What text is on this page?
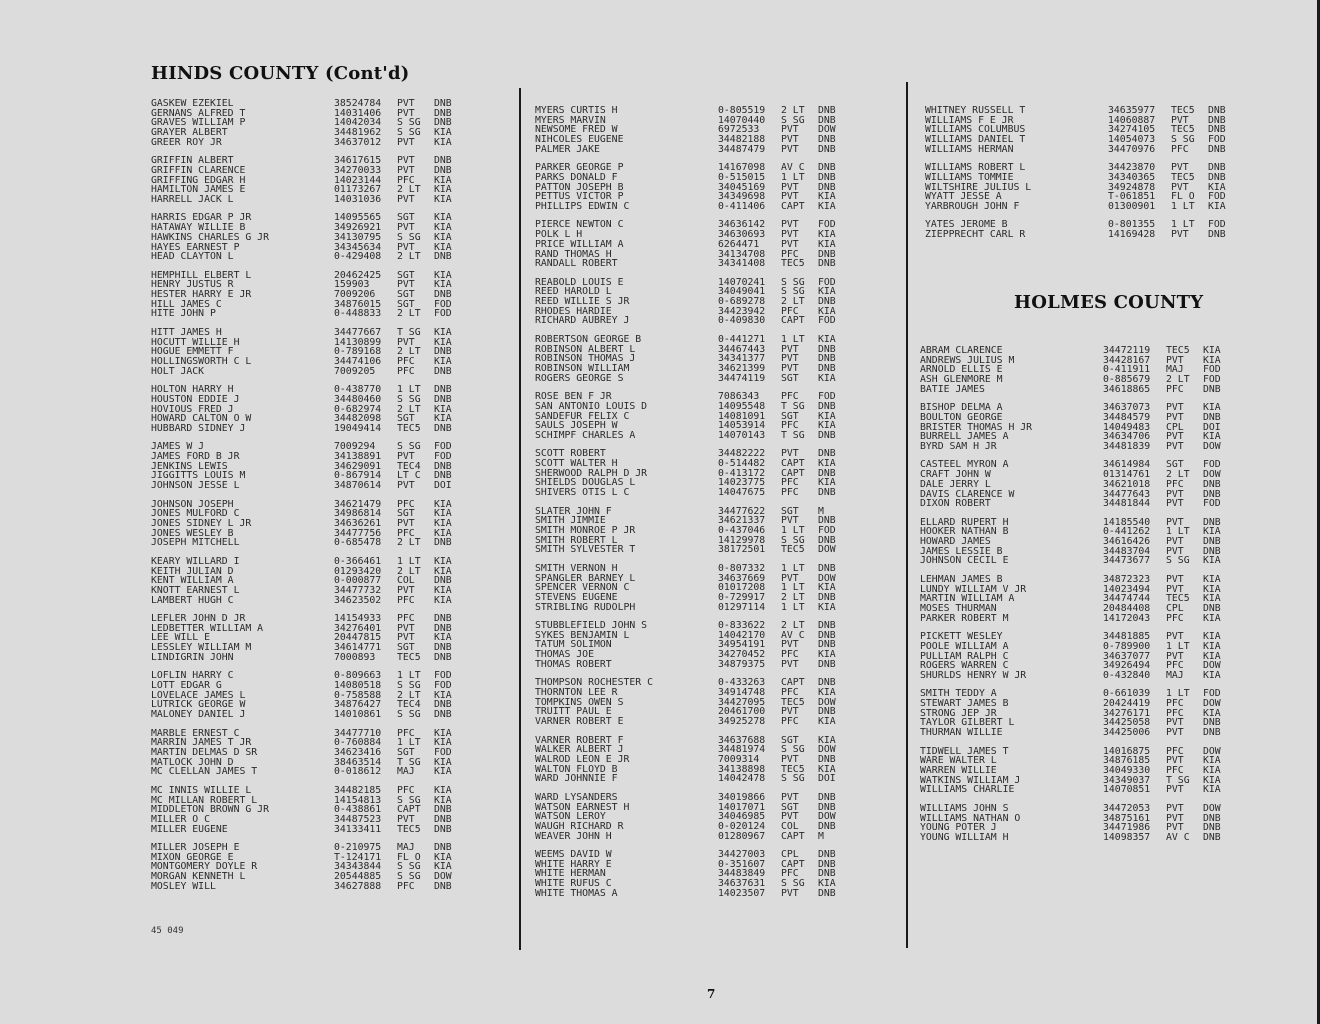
HINDS COUNTY (Cont'd)
HOLMES COUNTY
GASKEW EZEKIEL	38524784 PVT DNB
GERNANS ALFRED T	14031406 PVT DNB
GRAVES WILLIAM P	14042034 S SG DNB
GRAYER ALBERT	34481962 S SG KIA
GREER ROY JR	34637012 PVT KIA
GRIFFIN ALBERT	34617615 PVT DNB
GRIFFIN CLARENCE	34270033 PVT DNB
GRIFFING EDGAR H	14023144 PFC KIA
HAMILTON JAMES E	01173267 2 LT KIA
HARRELL JACK L	14031036 PVT KIA
HARRIS EDGAR P JR	14095565 SGT KIA
HATAWAY WILLIE B	34926921 PVT KIA
HAWKINS CHARLES G JR	34130795 S SG KIA
HAYES EARNEST P	34345634 PVT KIA
HEAD CLAYTON L	0-429408 2 LT DNB
HEMPHILL ELBERT L	20462425 SGT KIA
HENRY JUSTUS R	159903	PVT KIA
HESTER HARRY E JR	7009206 SGT DNB
HILL JAMES C	34876015 SGT FOD
HITE JOHN P	0-448833 2 LT FOD
HITT JAMES H	34477667 T SG KIA
HOCUTT WILLIE H	14130899 PVT KIA
HOGUE EMMETT F	0-789168 2 LT DNB
HOLLINGSWORTH C L	34474106 PFC KIA
HOLT JACK	7009205 PFC DNB
HOLTON HARRY H	0-438770 1 LT DNB
HOUSTON EDDIE J	34480460 S SG DNB
HOVIOUS FRED J	0-682974 2 LT KIA
HOWARD CALTON O W	34482098 SGT KIA
HUBBARD SIDNEY J	19049414 TEC5 DNB
JAMES W J	7009294 S SG FOD
JAMES FORD B JR	34138891 PVT FOD
JENKINS LEWIS	34629091 TEC4 DNB
JIGGITTS LOUIS M	0-867914 LT C DNB
JOHNSON JESSE L	34870614 PVT DOI
JOHNSON JOSEPH	34621479 PFC KIA
JONES MULFORD C	34986814 SGT KIA
JONES SIDNEY L JR	34636261 PVT KIA
JONES WESLEY B	34477756 PFC KIA
JOSEPH MITCHELL	0-685478 2 LT DNB
KEARY WILLARD I	0-366461 1 LT KIA
KEITH JULIAN D	01293420 2 LT KIA
KENT WILLIAM A	0-000877 COL DNB
KNOTT EARNEST L	34477732 PVT KIA
LAMBERT HUGH C	34623502 PFC KIA
LEFLER JOHN D JR	14154933 PFC DNB
LEDBETTER WILLIAM A	34276401 PVT DNB
LEE WILL E	20447815 PVT KIA
LESSLEY WILLIAM M	34614771 SGT DNB
LINDIGRIN JOHN	7000893 TEC5 DNB
LOFLIN HARRY C	0-809663 1 LT FOD
LOTT EDGAR G	14080518 S SG FOD
LOVELACE JAMES L	0-758588 2 LT KIA
LUTRICK GEORGE W	34876427 TEC4 DNB
MALONEY DANIEL J	14010861 S SG DNB
MARBLE ERNEST C	34477710 PFC KIA
MARRIN JAMES T JR	0-760884 1 LT KIA
MARTIN DELMAS D SR	34623416 SGT FOD
MATLOCK JOHN D	38463514 T SG KIA
MC CLELLAN JAMES T	0-018612 MAJ KIA
MC INNIS WILLIE L	34482185 PFC KIA
MC MILLAN ROBERT L	14154813 S SG KIA
MIDDLETON BROWN G JR	0-438861 CAPT DNB
MILLER O C	34487523 PVT DNB
MILLER EUGENE	34133411 TEC5 DNB
MILLER JOSEPH E	0-210975 MAJ DNB
MIXON GEORGE E	T-124171 FL O KIA
MONTGOMERY DOYLE R	34343844 S SG KIA
MORGAN KENNETH L	20544885 S SG DOW
MOSLEY WILL	34627888 PFC DNB
MYERS CURTIS H	0-805519 2 LT DNB
MYERS MARVIN	14070440 S SG DNB
NEWSOME FRED W	6972533 PVT DOW
NIHCOLES EUGENE	34482188 PVT DNB
PALMER JAKE	34487479 PVT DNB
PARKER GEORGE P	14167098 AV C DNB
PARKS DONALD F	0-515015 1 LT DNB
PATTON JOSEPH B	34045169 PVT DNB
PETTUS VICTOR P	34349698 PVT KIA
PHILLIPS EDWIN C	0-411406 CAPT KIA
PIERCE NEWTON C	34636142 PVT FOD
POLK L H	34630693 PVT KIA
PRICE WILLIAM A	6264471 PVT KIA
RAND THOMAS H	34134708 PFC DNB
RANDALL ROBERT	34341408 TEC5 DNB
REABOLD LOUIS E	14070241 S SG FOD
REED HAROLD L	34049041 S SG KIA
REED WILLIE S JR	0-689278 2 LT DNB
RHODES HARDIE	34423942 PFC KIA
RICHARD AUBREY J	0-409830 CAPT FOD
ROBERTSON GEORGE B	0-441271 1 LT KIA
ROBINSON ALBERT L	34467443 PVT DNB
ROBINSON THOMAS J	34341377 PVT DNB
ROBINSON WILLIAM	34621399 PVT DNB
ROGERS GEORGE S	34474119 SGT KIA
ROSE BEN F JR	7086343 PFC FOD
SAN ANTONIO LOUIS D	14095548 T SG DNB
SANDEFUR FELIX C	14081091 SGT KIA
SAULS JOSEPH W	14053914 PFC KIA
SCHIMPF CHARLES A	14070143 T SG DNB
SCOTT ROBERT	34482222 PVT DNB
SCOTT WALTER H	0-514482 CAPT KIA
SHERWOOD RALPH D JR	0-413172 CAPT DNB
SHIELDS DOUGLAS L	14023775 PFC KIA
SHIVERS OTIS L C	14047675 PFC DNB
SLATER JOHN F	34477622 SGT M
SMITH JIMMIE	34621337 PVT DNB
SMITH MONROE P JR	0-437046 1 LT FOD
SMITH ROBERT L	14129978 S SG DNB
SMITH SYLVESTER T	38172501 TEC5 DOW
SMITH VERNON H	0-807332 1 LT DNB
SPANGLER BARNEY L	34637669 PVT DOW
SPENCER VERNON C	01017208 1 LT KIA
STEVENS EUGENE	0-729917 2 LT DNB
STRIBLING RUDOLPH	01297114 1 LT KIA
STUBBLEFIELD JOHN S	0-833622 2 LT DNB
SYKES BENJAMIN L	14042170 AV C DNB
TATUM SOLIMON	34954191 PVT DNB
THOMAS JOE	34270452 PFC KIA
THOMAS ROBERT	34879375 PVT DNB
THOMPSON ROCHESTER C	0-433263 CAPT DNB
THORNTON LEE R	34914748 PFC KIA
TOMPKINS OWEN S	34427095 TEC5 DOW
TRUITT PAUL E	20461700 PVT DNB
VARNER ROBERT E	34925278 PFC KIA
VARNER ROBERT F	34637688 SGT KIA
WALKER ALBERT J	34481974 S SG DOW
WALROD LEON E JR	7009314 PVT DNB
WALTON FLOYD B	34138898 TEC5 KIA
WARD JOHNNIE F	14042478 S SG DOI
WARD LYSANDERS	34019866 PVT DNB
WATSON EARNEST H	14017071 SGT DNB
WATSON LEROY	34046985 PVT DOW
WAUGH RICHARD R	0-020124 COL DNB
WEAVER JOHN H	01280967 CAPT M
WEEMS DAVID W	34427003 CPL DNB
WHITE HARRY E	0-351607 CAPT DNB
WHITE HERMAN	34483849 PFC DNB
WHITE RUFUS C	34637631 S SG KIA
WHITE THOMAS A	14023507 PVT DNB
WHITNEY RUSSELL T	34635977 TEC5 DNB
WILLIAMS F E JR	14060887 PVT DNB
WILLIAMS COLUMBUS	34274105 TEC5 DNB
WILLIAMS DANIEL T	14054073 S SG FOD
WILLIAMS HERMAN	34470976 PFC DNB
WILLIAMS ROBERT L	34423870 PVT DNB
WILLIAMS TOMMIE	34340365 TEC5 DNB
WILTSHIRE JULIUS L	34924878 PVT KIA
WYATT JESSE A	T-061851 FL O FOD
YARBROUGH JOHN F	01300901 1 LT KIA
YATES JEROME B	0-801355 1 LT FOD
ZIEPPRECHT CARL R	14169428 PVT DNB
ABRAM CLARENCE	34472119 TEC5 KIA
ANDREWS JULIUS M	34428167 PVT KIA
ARNOLD ELLIS E	0-411911 MAJ FOD
ASH GLENMORE M	0-885679 2 LT FOD
BATIE JAMES	34618865 PFC DNB
BISHOP DELMA A	34637073 PVT KIA
BOULTON GEORGE	34484579 PVT DNB
BRISTER THOMAS H JR	14049483 CPL DOI
BURRELL JAMES A	34634706 PVT KIA
BYRD SAM H JR	34481839 PVT DOW
CASTEEL MYRON A	34614984 SGT FOD
CRAFT JOHN W	01314761 2 LT DOW
DALE JERRY L	34621018 PFC DNB
DAVIS CLARENCE W	34477643 PVT DNB
DIXON ROBERT	34481844 PVT FOD
ELLARD RUPERT H	14185540 PVT DNB
HOOKER NATHAN B	0-441262 1 LT KIA
HOWARD JAMES	34616426 PVT DNB
JAMES LESSIE B	34483704 PVT DNB
JOHNSON CECIL E	34473677 S SG KIA
LEHMAN JAMES B	34872323 PVT KIA
LUNDY WILLIAM V JR	14023494 PVT KIA
MARTIN WILLIAM A	34474744 TEC5 KIA
MOSES THURMAN	20484408 CPL DNB
PARKER ROBERT M	14172043 PFC KIA
PICKETT WESLEY	34481885 PVT KIA
POOLE WILLIAM A	0-789900 1 LT KIA
PULLIAM RALPH C	34637077 PVT KIA
ROGERS WARREN C	34926494 PFC DOW
SHURLDS HENRY W JR	0-432840 MAJ KIA
SMITH TEDDY A	0-661039 1 LT FOD
STEWART JAMES B	20424419 PFC DOW
STRONG JEP JR	34276171 PFC KIA
TAYLOR GILBERT L	34425058 PVT DNB
THURMAN WILLIE	34425006 PVT DNB
TIDWELL JAMES T	14016875 PFC DOW
WARE WALTER L	34876185 PVT KIA
WARREN WILLIE	34049330 PFC KIA
WATKINS WILLIAM J	34349037 T SG KIA
WILLIAMS CHARLIE	14070851 PVT KIA
WILLIAMS JOHN S	34472053 PVT DOW
WILLIAMS NATHAN O	34875161 PVT DNB
YOUNG POTER J	34471986 PVT DNB
YOUNG WILLIAM H	14098357 AV C DNB
45 049
7
